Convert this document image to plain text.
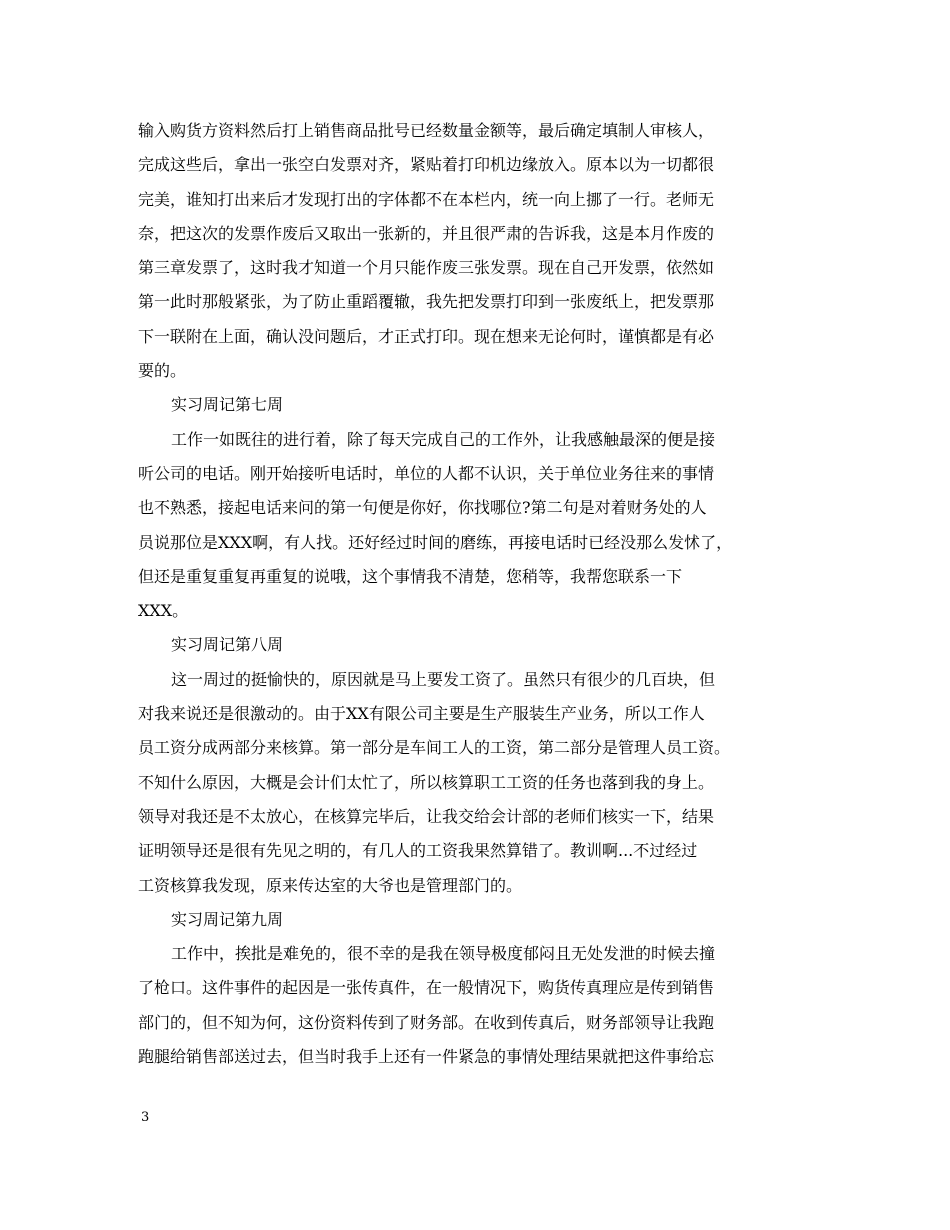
输入购货方资料然后打上销售商品批号已经数量金额等，最后确定填制人审核人，
完成这些后，拿出一张空白发票对齐，紧贴着打印机边缘放入。原本以为一切都很
完美，谁知打出来后才发现打出的字体都不在本栏内，统一向上挪了一行。老师无
奈，把这次的发票作废后又取出一张新的，并且很严肃的告诉我，这是本月作废的
第三章发票了，这时我才知道一个月只能作废三张发票。现在自己开发票，依然如
第一此时那般紧张，为了防止重蹈覆辙，我先把发票打印到一张废纸上，把发票那
下一联附在上面，确认没问题后，才正式打印。现在想来无论何时，谨慎都是有必
要的。
实习周记第七周
工作一如既往的进行着，除了每天完成自己的工作外，让我感触最深的便是接
听公司的电话。刚开始接听电话时，单位的人都不认识，关于单位业务往来的事情
也不熟悉，接起电话来问的第一句便是你好，你找哪位?第二句是对着财务处的人
员说那位是XXX啊，有人找。还好经过时间的磨练，再接电话时已经没那么发怵了，
但还是重复重复再重复的说哦，这个事情我不清楚，您稍等，我帮您联系一下
XXX。
实习周记第八周
这一周过的挺愉快的，原因就是马上要发工资了。虽然只有很少的几百块，但
对我来说还是很激动的。由于XX有限公司主要是生产服装生产业务，所以工作人
员工资分成两部分来核算。第一部分是车间工人的工资，第二部分是管理人员工资。
不知什么原因，大概是会计们太忙了，所以核算职工工资的任务也落到我的身上。
领导对我还是不太放心，在核算完毕后，让我交给会计部的老师们核实一下，结果
证明领导还是很有先见之明的，有几人的工资我果然算错了。教训啊...不过经过
工资核算我发现，原来传达室的大爷也是管理部门的。
实习周记第九周
工作中，挨批是难免的，很不幸的是我在领导极度郁闷且无处发泄的时候去撞
了枪口。这件事件的起因是一张传真件，在一般情况下，购货传真理应是传到销售
部门的，但不知为何，这份资料传到了财务部。在收到传真后，财务部领导让我跑
跑腿给销售部送过去，但当时我手上还有一件紧急的事情处理结果就把这件事给忘
3
